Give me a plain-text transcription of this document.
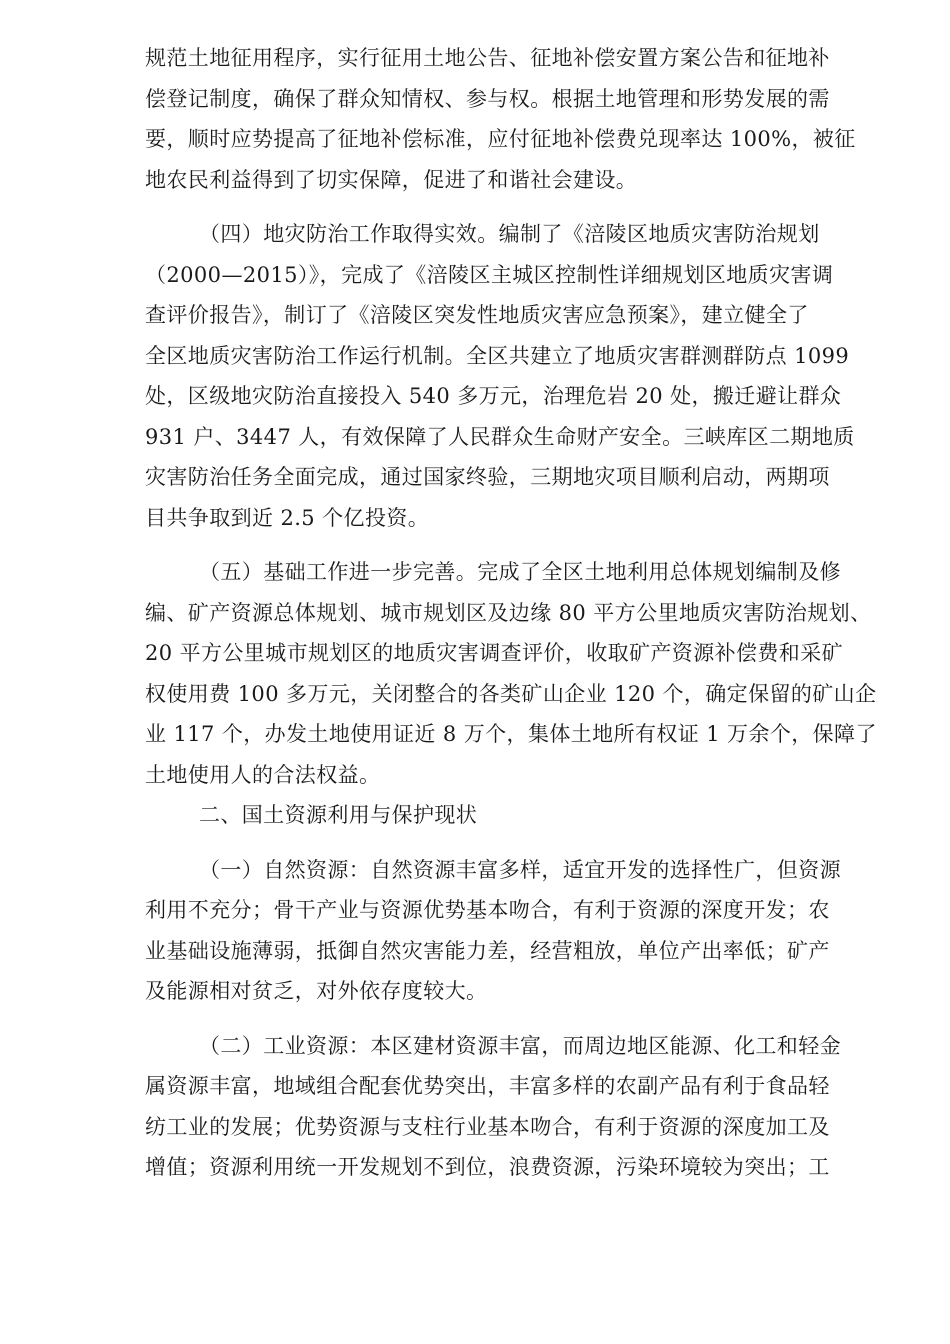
规范土地征用程序，实行征用土地公告、征地补偿安置方案公告和征地补
偿登记制度，确保了群众知情权、参与权。根据土地管理和形势发展的需
要，顺时应势提高了征地补偿标准，应付征地补偿费兑现率达 100%，被征
地农民利益得到了切实保障，促进了和谐社会建设。
（四）地灾防治工作取得实效。编制了《涪陵区地质灾害防治规划
（2000—2015）》，完成了《涪陵区主城区控制性详细规划区地质灾害调
查评价报告》，制订了《涪陵区突发性地质灾害应急预案》，建立健全了
全区地质灾害防治工作运行机制。全区共建立了地质灾害群测群防点 1099
处，区级地灾防治直接投入 540 多万元，治理危岩 20 处，搬迁避让群众
931 户、3447 人，有效保障了人民群众生命财产安全。三峡库区二期地质
灾害防治任务全面完成，通过国家终验，三期地灾项目顺利启动，两期项
目共争取到近 2.5 个亿投资。
（五）基础工作进一步完善。完成了全区土地利用总体规划编制及修
编、矿产资源总体规划、城市规划区及边缘 80 平方公里地质灾害防治规划、
20 平方公里城市规划区的地质灾害调查评价，收取矿产资源补偿费和采矿
权使用费 100 多万元，关闭整合的各类矿山企业 120 个，确定保留的矿山企
业 117 个，办发土地使用证近 8 万个，集体土地所有权证 1 万余个，保障了
土地使用人的合法权益。
二、国土资源利用与保护现状
（一）自然资源：自然资源丰富多样，适宜开发的选择性广，但资源
利用不充分；骨干产业与资源优势基本吻合，有利于资源的深度开发；农
业基础设施薄弱，抵御自然灾害能力差，经营粗放，单位产出率低；矿产
及能源相对贫乏，对外依存度较大。
（二）工业资源：本区建材资源丰富，而周边地区能源、化工和轻金
属资源丰富，地域组合配套优势突出，丰富多样的农副产品有利于食品轻
纺工业的发展；优势资源与支柱行业基本吻合，有利于资源的深度加工及
增值；资源利用统一开发规划不到位，浪费资源，污染环境较为突出；工
